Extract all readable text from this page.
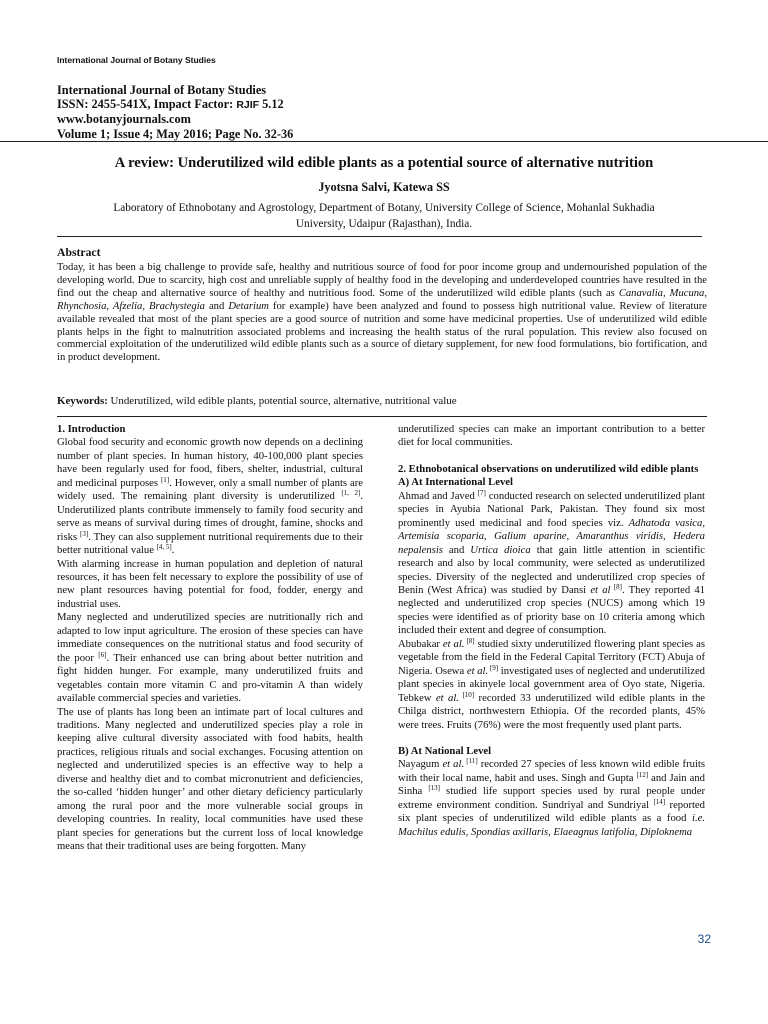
International Journal of Botany Studies
International Journal of Botany Studies
ISSN: 2455-541X, Impact Factor: RJIF 5.12
www.botanyjournals.com
Volume 1; Issue 4; May 2016; Page No. 32-36
A review: Underutilized wild edible plants as a potential source of alternative nutrition
Jyotsna Salvi, Katewa SS
Laboratory of Ethnobotany and Agrostology, Department of Botany, University College of Science, Mohanlal Sukhadia
University, Udaipur (Rajasthan), India.
Abstract
Today, it has been a big challenge to provide safe, healthy and nutritious source of food for poor income group and undernourished population of the developing world. Due to scarcity, high cost and unreliable supply of healthy food in the developing and underdeveloped countries have resulted in the find out the cheap and alternative source of healthy and nutritious food. Some of the underutilized wild edible plants (such as Canavalia, Mucuna, Rhynchosia, Afzelia, Brachystegia and Detarium for example) have been analyzed and found to possess high nutritional value. Review of literature available revealed that most of the plant species are a good source of nutrition and some have medicinal properties. Use of underutilized wild edible plants helps in the fight to malnutrition associated problems and increasing the health status of the rural population. This review also focused on commercial exploitation of the underutilized wild edible plants such as a source of dietary supplement, for new food formulations, bio fortification, and in product development.
Keywords: Underutilized, wild edible plants, potential source, alternative, nutritional value

1. Introduction

Global food security and economic growth now depends on a declining number of plant species. In human history, 40-100,000 plant species have been regularly used for food, fibers, shelter, industrial, cultural and medicinal purposes [1]. However, only a small number of plants are widely used. The remaining plant diversity is underutilized [1, 2]. Underutilized plants contribute immensely to family food security and serve as means of survival during times of drought, famine, shocks and risks [3]. They can also supplement nutritional requirements due to their better nutritional value [4, 5].

With alarming increase in human population and depletion of natural resources, it has been felt necessary to explore the possibility of use of new plant resources having potential for food, fodder, energy and industrial uses.

Many neglected and underutilized species are nutritionally rich and adapted to low input agriculture. The erosion of these species can have immediate consequences on the nutritional status and food security of the poor [6]. Their enhanced use can bring about better nutrition and fight hidden hunger. For example, many underutilized fruits and vegetables contain more vitamin C and pro-vitamin A than widely available commercial species and varieties.

The use of plants has long been an intimate part of local cultures and traditions. Many neglected and underutilized species play a role in keeping alive cultural diversity associated with food habits, health practices, religious rituals and social exchanges. Focusing attention on neglected and underutilized species is an effective way to help a diverse and healthy diet and to combat micronutrient and deficiencies, the so-called ‘hidden hunger’ and other dietary deficiency particularly among the rural poor and the more vulnerable social groups in developing countries. In reality, local communities have used these plant species for generations but the current loss of local knowledge means that their traditional uses are being forgotten. Many

underutilized species can make an important contribution to a better diet for local communities.

2. Ethnobotanical observations on underutilized wild edible plants

A) At International Level

Ahmad and Javed [7] conducted research on selected underutilized plant species in Ayubia National Park, Pakistan. They found six most prominently used medicinal and food species viz. Adhatoda vasica, Artemisia scoparia, Galium aparine, Amaranthus viridis, Hedera nepalensis and Urtica dioica that gain little attention in scientific research and also by local community, were selected as underutilized species. Diversity of the neglected and underutilized crop species of Benin (West Africa) was studied by Dansi et al [8]. They reported 41 neglected and underutilized crop species (NUCS) among which 19 species were identified as of priority base on 10 criteria among which included their extent and degree of consumption.

Abubakar et al. [8] studied sixty underutilized flowering plant species as vegetable from the field in the Federal Capital Territory (FCT) Abuja of Nigeria. Osewa et al. [9] investigated uses of neglected and underutilized plant species in akinyele local government area of Oyo state, Nigeria. Tebkew et al. [10] recorded 33 underutilized wild edible plants in the Chilga district, northwestern Ethiopia. Of the recorded plants, 45% were trees. Fruits (76%) were the most frequently used plant parts.

B) At National Level

Nayagum et al. [11] recorded 27 species of less known wild edible fruits with their local name, habit and uses. Singh and Gupta [12] and Jain and Sinha [13] studied life support species used by rural people under extreme environment condition. Sundriyal and Sundriyal [14] reported six plant species of underutilized wild edible plants as a food i.e. Machilus edulis, Spondias axillaris, Elaeagnus latifolia, Diploknema

32
